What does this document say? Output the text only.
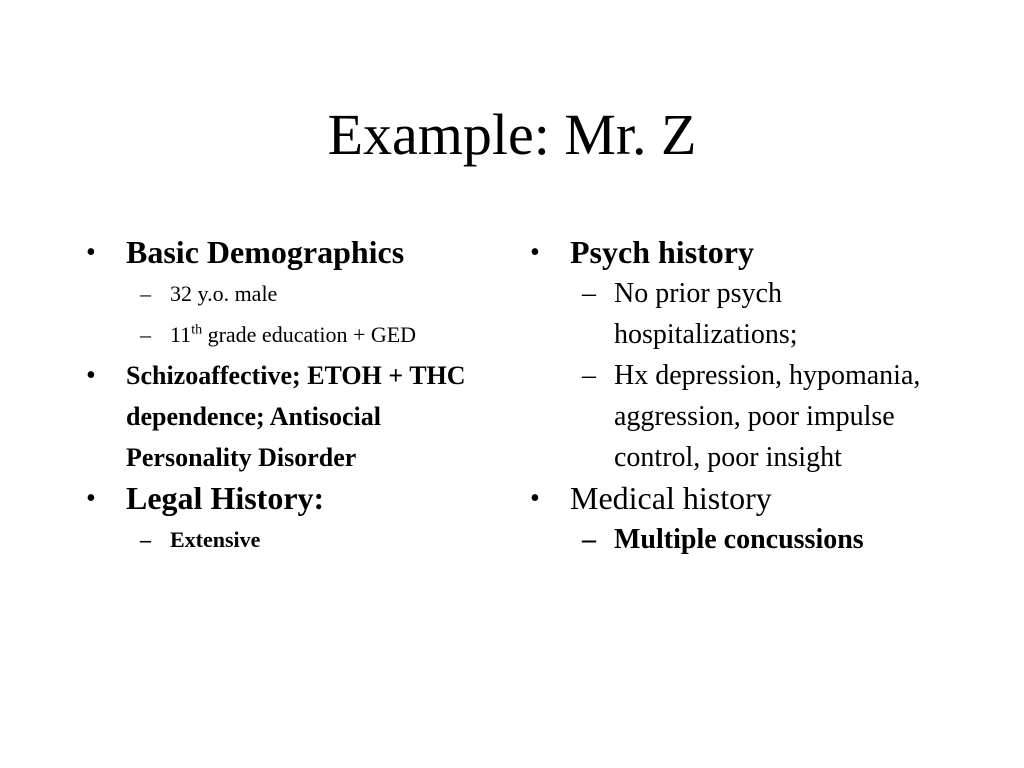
Example: Mr. Z
• Basic Demographics
– 32 y.o. male
– 11th grade education + GED
• Schizoaffective; ETOH + THC dependence; Antisocial Personality Disorder
• Legal History:
– Extensive
• Psych history
– No prior psych hospitalizations;
– Hx depression, hypomania, aggression, poor impulse control, poor insight
• Medical history
– Multiple concussions
